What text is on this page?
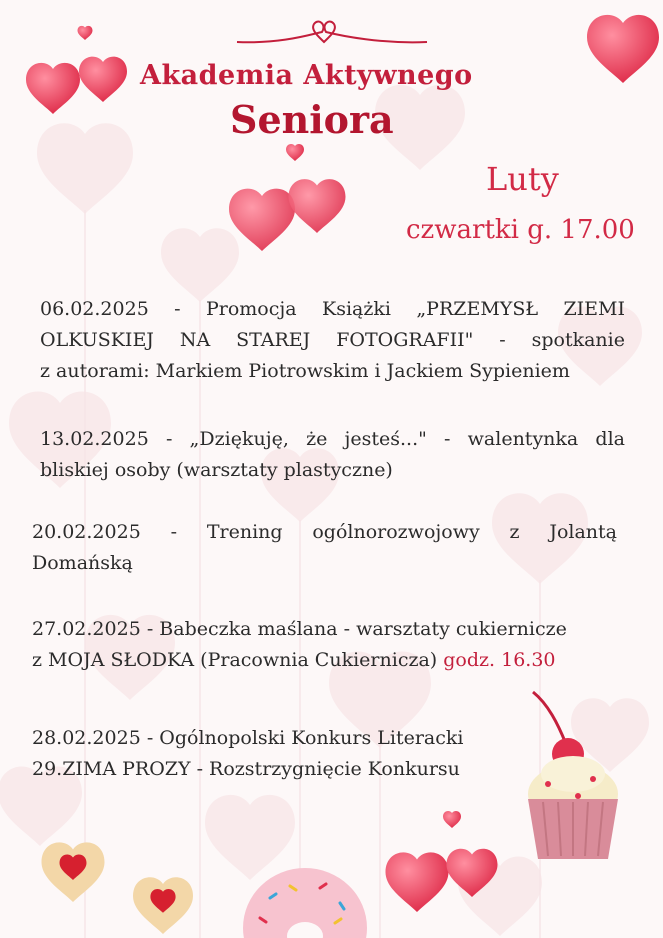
Akademia Aktywnego
Seniora
Luty
czwartki g. 17.00

06.02.2025 - Promocja Książki „PRZEMYSŁ ZIEMI

OLKUSKIEJ NA STAREJ FOTOGRAFII" - spotkanie

z autorami: Markiem Piotrowskim i Jackiem Sypieniem

13.02.2025 - „Dziękuję, że jesteś..." - walentynka dla

bliskiej osoby (warsztaty plastyczne)

20.02.2025 - Trening ogólnorozwojowy z Jolantą

Domańską

27.02.2025 - Babeczka maślana - warsztaty cukiernicze

z MOJA SŁODKA (Pracownia Cukiernicza) godz. 16.30

28.02.2025 - Ogólnopolski Konkurs Literacki

29.ZIMA PROZY - Rozstrzygnięcie Konkursu
